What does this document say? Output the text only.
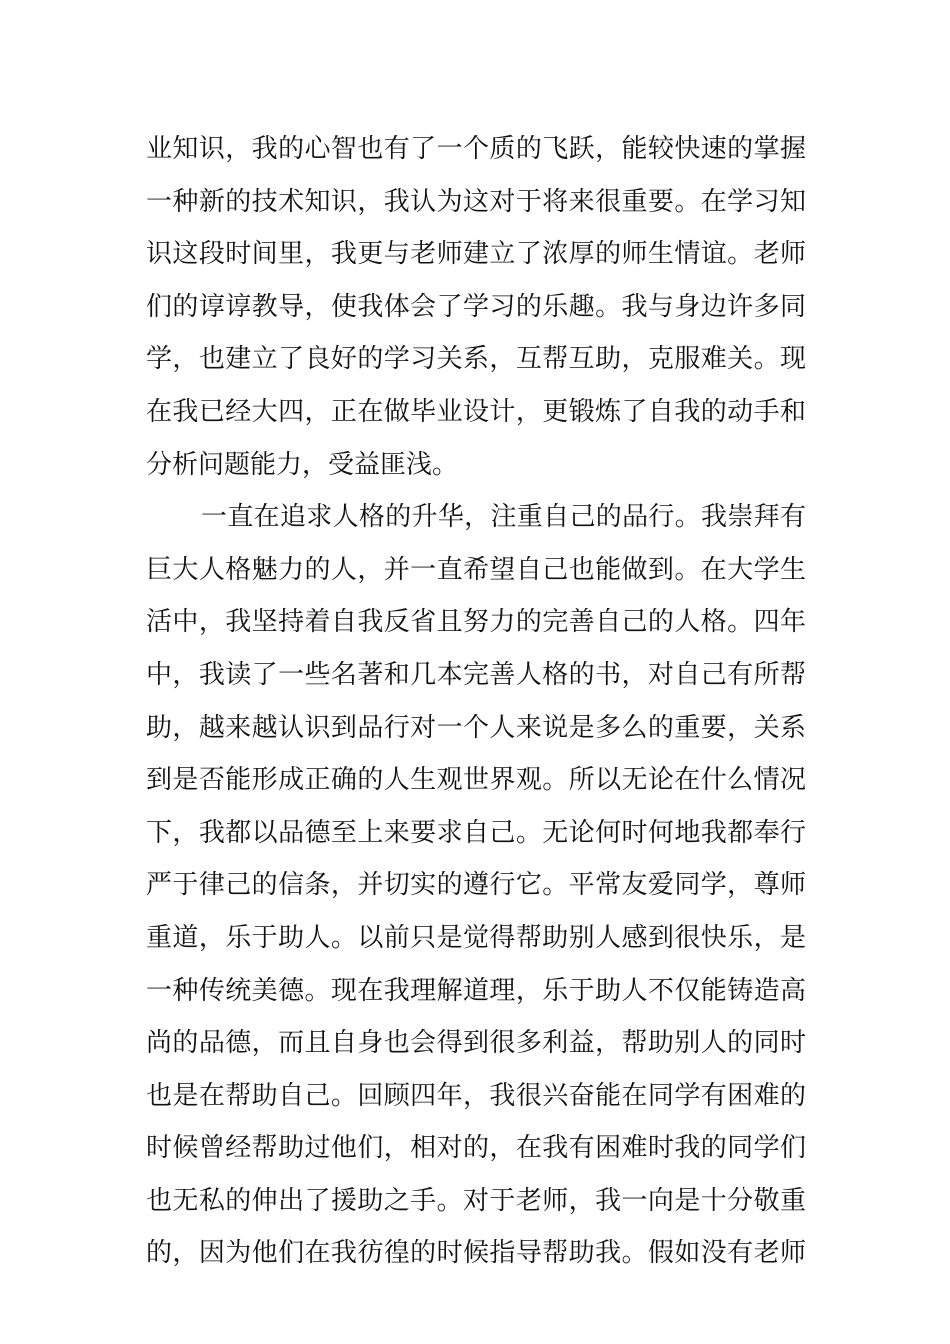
业知识，我的心智也有了一个质的飞跃，能较快速的掌握
一种新的技术知识，我认为这对于将来很重要。在学习知
识这段时间里，我更与老师建立了浓厚的师生情谊。老师
们的谆谆教导，使我体会了学习的乐趣。我与身边许多同
学，也建立了良好的学习关系，互帮互助，克服难关。现
在我已经大四，正在做毕业设计，更锻炼了自我的动手和
分析问题能力，受益匪浅。
一直在追求人格的升华，注重自己的品行。我崇拜有
巨大人格魅力的人，并一直希望自己也能做到。在大学生
活中，我坚持着自我反省且努力的完善自己的人格。四年
中，我读了一些名著和几本完善人格的书，对自己有所帮
助，越来越认识到品行对一个人来说是多么的重要，关系
到是否能形成正确的人生观世界观。所以无论在什么情况
下，我都以品德至上来要求自己。无论何时何地我都奉行
严于律己的信条，并切实的遵行它。平常友爱同学，尊师
重道，乐于助人。以前只是觉得帮助别人感到很快乐，是
一种传统美德。现在我理解道理，乐于助人不仅能铸造高
尚的品德，而且自身也会得到很多利益，帮助别人的同时
也是在帮助自己。回顾四年，我很兴奋能在同学有困难的
时候曾经帮助过他们，相对的，在我有困难时我的同学们
也无私的伸出了援助之手。对于老师，我一向是十分敬重
的，因为他们在我彷徨的时候指导帮助我。假如没有老师
